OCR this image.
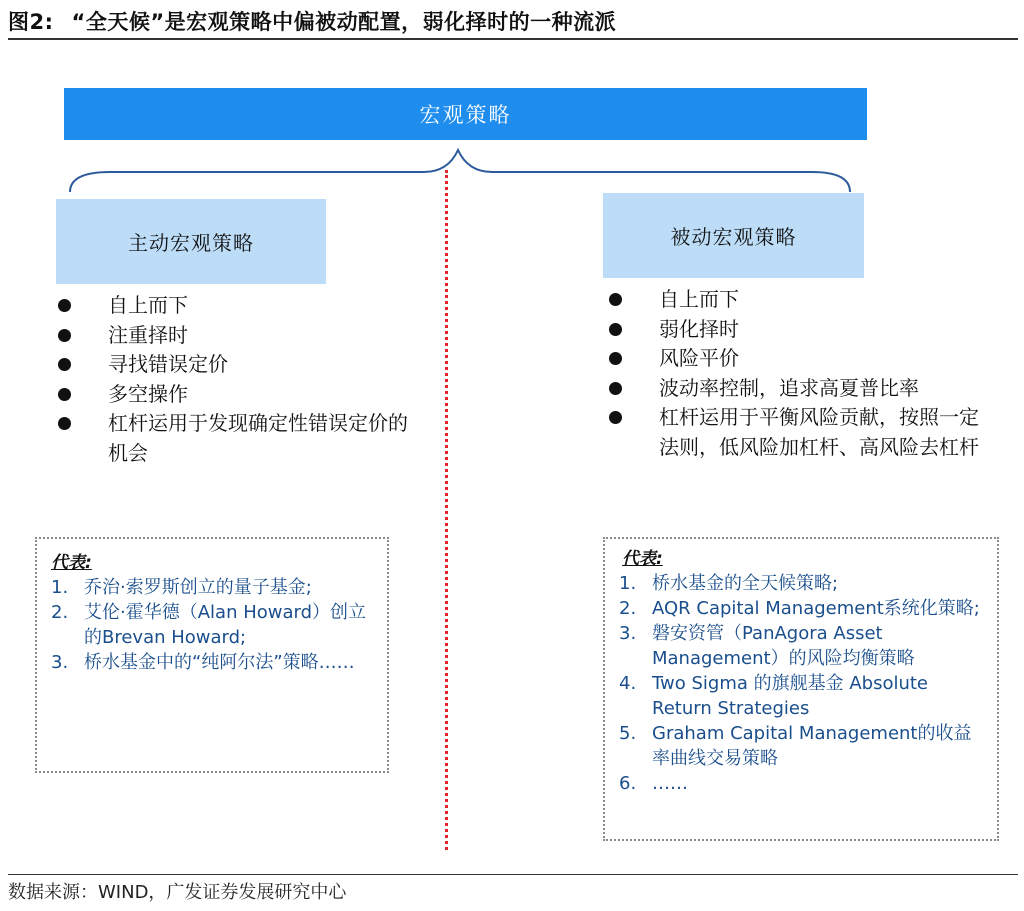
图2: “全天候”是宏观策略中偏被动配置，弱化择时的一种流派
宏观策略
主动宏观策略	被动宏观策略
自上而下
注重择时
寻找错误定价
多空操作
杠杆运用于发现确定性错误定价的机会
自上而下
弱化择时
风险平价
波动率控制，追求高夏普比率
杠杆运用于平衡风险贡献，按照一定法则，低风险加杠杆、高风险去杠杆
代表:
1. 乔治·索罗斯创立的量子基金;
2. 艾伦·霍华德（Alan Howard）创立的Brevan Howard;
3. 桥水基金中的“纯阿尔法”策略……
代表:
1. 桥水基金的全天候策略;
2. AQR Capital Management系统化策略;
3. 磐安资管（PanAgora Asset Management）的风险均衡策略
4. Two Sigma 的旗舰基金 Absolute Return Strategies
5. Graham Capital Management的收益率曲线交易策略
6. ……
数据来源：WIND，广发证券发展研究中心
